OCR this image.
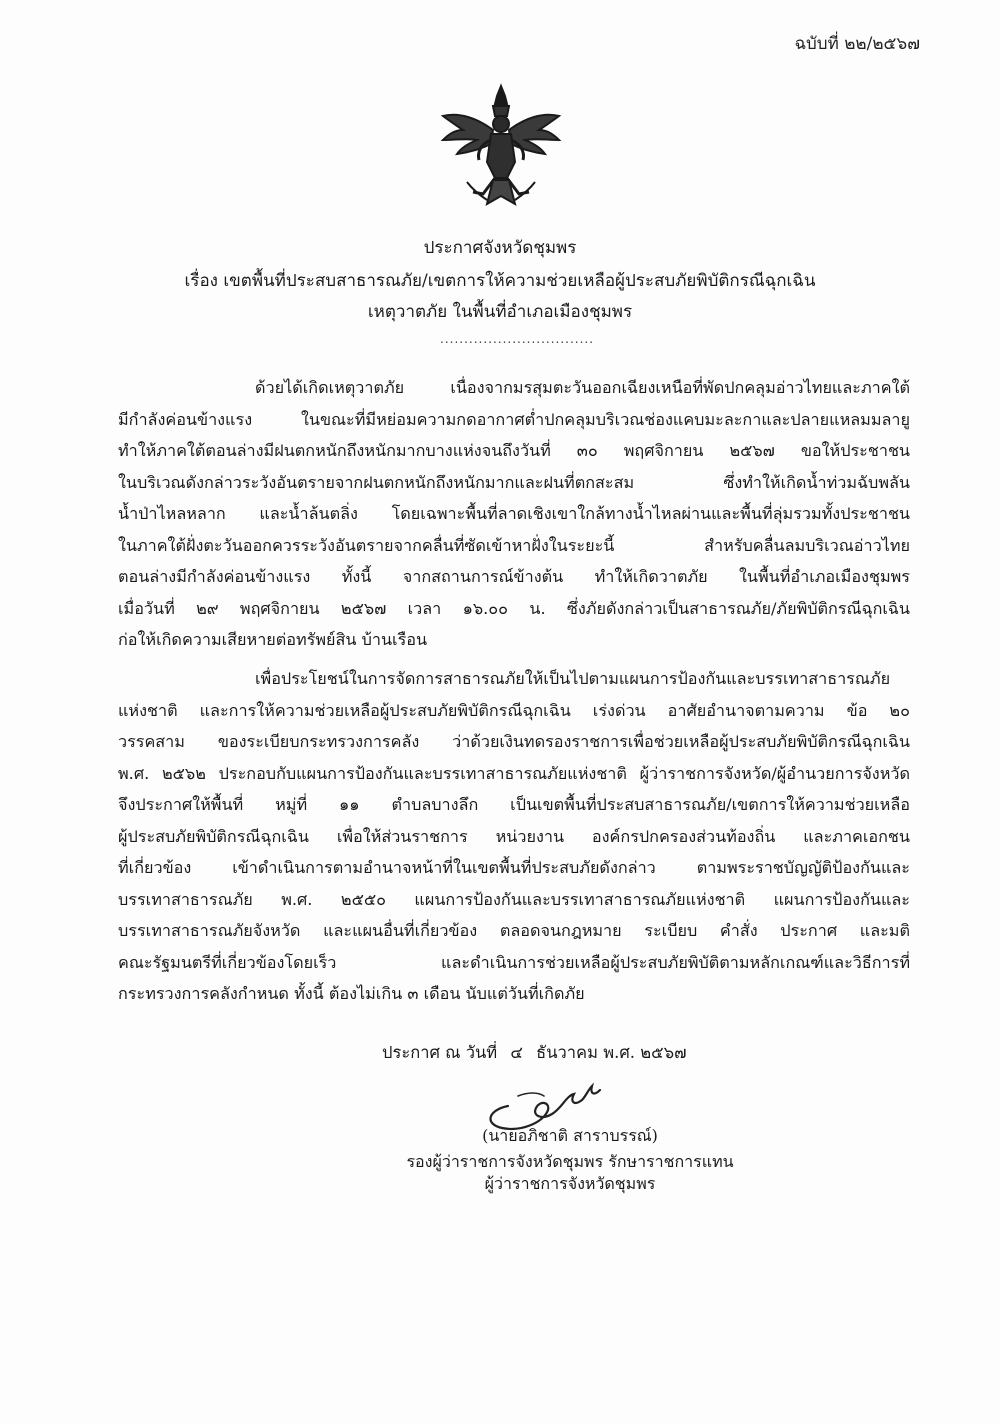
ฉบับที่ ๒๒/๒๕๖๗
ประกาศจังหวัดชุมพร
เรื่อง เขตพื้นที่ประสบสาธารณภัย/เขตการให้ความช่วยเหลือผู้ประสบภัยพิบัติกรณีฉุกเฉิน
เหตุวาตภัย ในพื้นที่อำเภอเมืองชุมพร
................................
ด้วยได้เกิดเหตุวาตภัย เนื่องจากมรสุมตะวันออกเฉียงเหนือที่พัดปกคลุมอ่าวไทยและภาคใต้
มีกำลังค่อนข้างแรง ในขณะที่มีหย่อมความกดอากาศต่ำปกคลุมบริเวณช่องแคบมะละกาและปลายแหลมมลายู
ทำให้ภาคใต้ตอนล่างมีฝนตกหนักถึงหนักมากบางแห่งจนถึงวันที่ ๓๐ พฤศจิกายน ๒๕๖๗ ขอให้ประชาชน
ในบริเวณดังกล่าวระวังอันตรายจากฝนตกหนักถึงหนักมากและฝนที่ตกสะสม ซึ่งทำให้เกิดน้ำท่วมฉับพลัน
น้ำป่าไหลหลาก และน้ำล้นตลิ่ง โดยเฉพาะพื้นที่ลาดเชิงเขาใกล้ทางน้ำไหลผ่านและพื้นที่ลุ่มรวมทั้งประชาชน
ในภาคใต้ฝั่งตะวันออกควรระวังอันตรายจากคลื่นที่ซัดเข้าหาฝั่งในระยะนี้ สำหรับคลื่นลมบริเวณอ่าวไทย
ตอนล่างมีกำลังค่อนข้างแรง ทั้งนี้ จากสถานการณ์ข้างต้น ทำให้เกิดวาตภัย ในพื้นที่อำเภอเมืองชุมพร
เมื่อวันที่ ๒๙ พฤศจิกายน ๒๕๖๗ เวลา ๑๖.๐๐ น. ซึ่งภัยดังกล่าวเป็นสาธารณภัย/ภัยพิบัติกรณีฉุกเฉิน
ก่อให้เกิดความเสียหายต่อทรัพย์สิน บ้านเรือน
เพื่อประโยชน์ในการจัดการสาธารณภัยให้เป็นไปตามแผนการป้องกันและบรรเทาสาธารณภัย
แห่งชาติ และการให้ความช่วยเหลือผู้ประสบภัยพิบัติกรณีฉุกเฉิน เร่งด่วน อาศัยอำนาจตามความ ข้อ ๒๐
วรรคสาม ของระเบียบกระทรวงการคลัง ว่าด้วยเงินทดรองราชการเพื่อช่วยเหลือผู้ประสบภัยพิบัติกรณีฉุกเฉิน
พ.ศ. ๒๕๖๒ ประกอบกับแผนการป้องกันและบรรเทาสาธารณภัยแห่งชาติ ผู้ว่าราชการจังหวัด/ผู้อำนวยการจังหวัด
จึงประกาศให้พื้นที่ หมู่ที่ ๑๑ ตำบลบางลึก เป็นเขตพื้นที่ประสบสาธารณภัย/เขตการให้ความช่วยเหลือ
ผู้ประสบภัยพิบัติกรณีฉุกเฉิน เพื่อให้ส่วนราชการ หน่วยงาน องค์กรปกครองส่วนท้องถิ่น และภาคเอกชน
ที่เกี่ยวข้อง เข้าดำเนินการตามอำนาจหน้าที่ในเขตพื้นที่ประสบภัยดังกล่าว ตามพระราชบัญญัติป้องกันและ
บรรเทาสาธารณภัย พ.ศ. ๒๕๕๐ แผนการป้องกันและบรรเทาสาธารณภัยแห่งชาติ แผนการป้องกันและ
บรรเทาสาธารณภัยจังหวัด และแผนอื่นที่เกี่ยวข้อง ตลอดจนกฎหมาย ระเบียบ คำสั่ง ประกาศ และมติ
คณะรัฐมนตรีที่เกี่ยวข้องโดยเร็ว และดำเนินการช่วยเหลือผู้ประสบภัยพิบัติตามหลักเกณฑ์และวิธีการที่
กระทรวงการคลังกำหนด ทั้งนี้ ต้องไม่เกิน ๓ เดือน นับแต่วันที่เกิดภัย
ประกาศ ณ วันที่ ๔ ธันวาคม พ.ศ. ๒๕๖๗
(นายอภิชาติ สาราบรรณ์)
รองผู้ว่าราชการจังหวัดชุมพร รักษาราชการแทน
ผู้ว่าราชการจังหวัดชุมพร
